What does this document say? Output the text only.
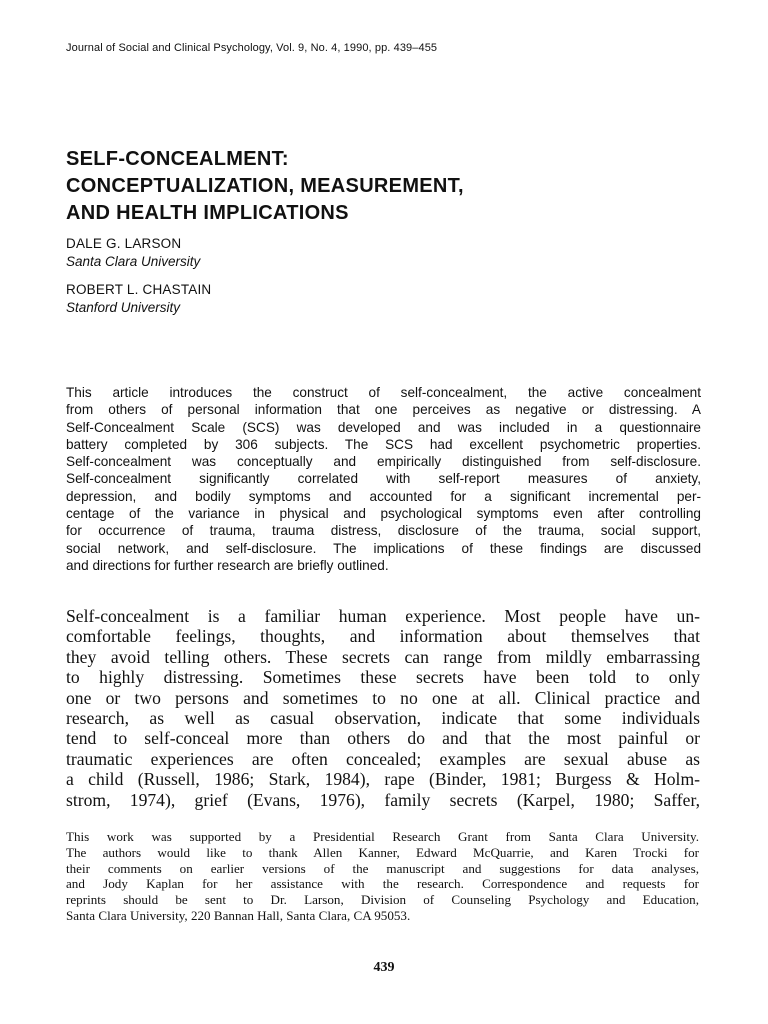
Journal of Social and Clinical Psychology, Vol. 9, No. 4, 1990, pp. 439–455
SELF-CONCEALMENT:
CONCEPTUALIZATION, MEASUREMENT,
AND HEALTH IMPLICATIONS
DALE G. LARSON
Santa Clara University
ROBERT L. CHASTAIN
Stanford University
This article introduces the construct of self-concealment, the active concealment
from others of personal information that one perceives as negative or distressing. A
Self-Concealment Scale (SCS) was developed and was included in a questionnaire
battery completed by 306 subjects. The SCS had excellent psychometric properties.
Self-concealment was conceptually and empirically distinguished from self-disclosure.
Self-concealment significantly correlated with self-report measures of anxiety,
depression, and bodily symptoms and accounted for a significant incremental per-
centage of the variance in physical and psychological symptoms even after controlling
for occurrence of trauma, trauma distress, disclosure of the trauma, social support,
social network, and self-disclosure. The implications of these findings are discussed
and directions for further research are briefly outlined.
Self-concealment is a familiar human experience. Most people have un-
comfortable feelings, thoughts, and information about themselves that
they avoid telling others. These secrets can range from mildly embarrassing
to highly distressing. Sometimes these secrets have been told to only
one or two persons and sometimes to no one at all. Clinical practice and
research, as well as casual observation, indicate that some individuals
tend to self-conceal more than others do and that the most painful or
traumatic experiences are often concealed; examples are sexual abuse as
a child (Russell, 1986; Stark, 1984), rape (Binder, 1981; Burgess & Holm-
strom, 1974), grief (Evans, 1976), family secrets (Karpel, 1980; Saffer,
This work was supported by a Presidential Research Grant from Santa Clara University.
The authors would like to thank Allen Kanner, Edward McQuarrie, and Karen Trocki for
their comments on earlier versions of the manuscript and suggestions for data analyses,
and Jody Kaplan for her assistance with the research. Correspondence and requests for
reprints should be sent to Dr. Larson, Division of Counseling Psychology and Education,
Santa Clara University, 220 Bannan Hall, Santa Clara, CA 95053.
439
